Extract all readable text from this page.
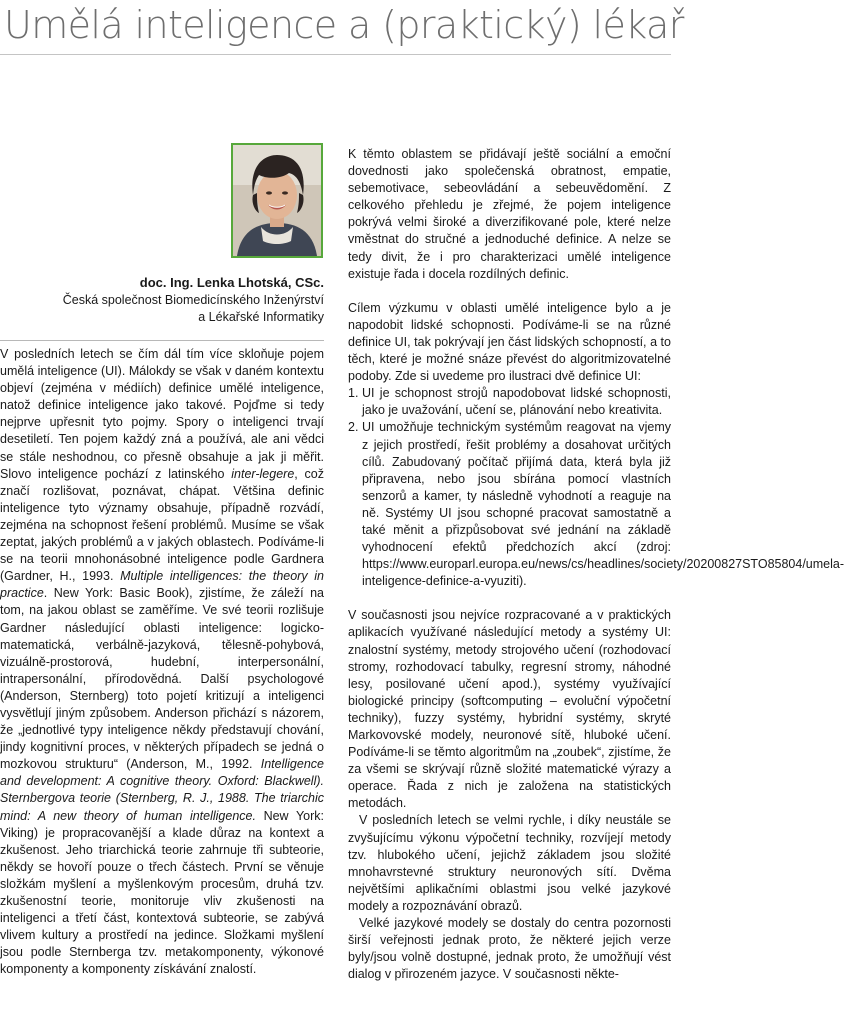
Umělá inteligence a (praktický) lékař
doc. Ing. Lenka Lhotská, CSc.
Česká společnost Biomedicínského Inženýrství
a Lékařské Informatiky

V posledních letech se čím dál tím více skloňuje pojem umělá inteligence (UI). Málokdy se však v daném kontextu objeví (zejména v médiích) definice umělé inteligence, natož definice inteligence jako takové. Pojďme si tedy nejprve upřesnit tyto pojmy. Spory o inteligenci trvají desetiletí. Ten pojem každý zná a používá, ale ani vědci se stále neshodnou, co přesně obsahuje a jak ji měřit. Slovo inteligence pochází z latinského inter-legere, což značí rozlišovat, poznávat, chápat. Většina definic inteligence tyto významy obsahuje, případně rozvádí, zejména na schopnost řešení problémů. Musíme se však zeptat, jakých problémů a v jakých oblastech. Podíváme-li se na teorii mnohonásobné inteligence podle Gardnera (Gardner, H., 1993. Multiple intelligences: the theory in practice. New York: Basic Book), zjistíme, že záleží na tom, na jakou oblast se zaměříme. Ve své teorii rozlišuje Gardner následující oblasti inteligence: logicko-matematická, verbálně-jazyková, tělesně-pohybová, vizuálně-prostorová, hudební, interpersonální, intrapersonální, přírodovědná. Další psychologové (Anderson, Sternberg) toto pojetí kritizují a inteligenci vysvětlují jiným způsobem. Anderson přichází s názorem, že „jednotlivé typy inteligence někdy představují chování, jindy kognitivní proces, v některých případech se jedná o mozkovou strukturu“ (Anderson, M., 1992. Intelligence and development: A cognitive theory. Oxford: Blackwell). Sternbergova teorie (Sternberg, R. J., 1988. The triarchic mind: A new theory of human intelligence. New York: Viking) je propracovanější a klade důraz na kontext a zkušenost. Jeho triarchická teorie zahrnuje tři subteorie, někdy se hovoří pouze o třech částech. První se věnuje složkám myšlení a myšlenkovým procesům, druhá tzv. zkušenostní teorie, monitoruje vliv zkušenosti na inteligenci a třetí část, kontextová subteorie, se zabývá vlivem kultury a prostředí na jedince. Složkami myšlení jsou podle Sternberga tzv. metakomponenty, výkonové komponenty a komponenty získávání znalostí.

K těmto oblastem se přidávají ještě sociální a emoční dovednosti jako společenská obratnost, empatie, sebemotivace, sebeovládání a sebeuvědomění. Z celkového přehledu je zřejmé, že pojem inteligence pokrývá velmi široké a diverzifikované pole, které nelze vměstnat do stručné a jednoduché definice. A nelze se tedy divit, že i pro charakterizaci umělé inteligence existuje řada i docela rozdílných definic.

Cílem výzkumu v oblasti umělé inteligence bylo a je napodobit lidské schopnosti. Podíváme-li se na různé definice UI, tak pokrývají jen část lidských schopností, a to těch, které je možné snáze převést do algoritmizovatelné podoby. Zde si uvedeme pro ilustraci dvě definice UI:

1. UI je schopnost strojů napodobovat lidské schopnosti, jako je uvažování, učení se, plánování nebo kreativita.
2. UI umožňuje technickým systémům reagovat na vjemy z jejich prostředí, řešit problémy a dosahovat určitých cílů. Zabudovaný počítač přijímá data, která byla již připravena, nebo jsou sbírána pomocí vlastních senzorů a kamer, ty následně vyhodnotí a reaguje na ně. Systémy UI jsou schopné pracovat samostatně a také měnit a přizpůsobovat své jednání na základě vyhodnocení efektů předchozích akcí (zdroj: https://www.europarl.europa.eu/news/cs/headlines/society/20200827STO85804/umela-inteligence-definice-a-vyuziti).

V současnosti jsou nejvíce rozpracované a v praktických aplikacích využívané následující metody a systémy UI: znalostní systémy, metody strojového učení (rozhodovací stromy, rozhodovací tabulky, regresní stromy, náhodné lesy, posilované učení apod.), systémy využívající biologické principy (softcomputing – evoluční výpočetní techniky), fuzzy systémy, hybridní systémy, skryté Markovovské modely, neuronové sítě, hluboké učení. Podíváme-li se těmto algoritmům na „zoubek“, zjistíme, že za všemi se skrývají různě složité matematické výrazy a operace. Řada z nich je založena na statistických metodách.

V posledních letech se velmi rychle, i díky neustále se zvyšujícímu výkonu výpočetní techniky, rozvíjejí metody tzv. hlubokého učení, jejichž základem jsou složité mnohavrstevné struktury neuronových sítí. Dvěma největšími aplikačními oblastmi jsou velké jazykové modely a rozpoznávání obrazů.

Velké jazykové modely se dostaly do centra pozornosti širší veřejnosti jednak proto, že některé jejich verze byly/jsou volně dostupné, jednak proto, že umožňují vést dialog v přirozeném jazyce. V současnosti někte-
